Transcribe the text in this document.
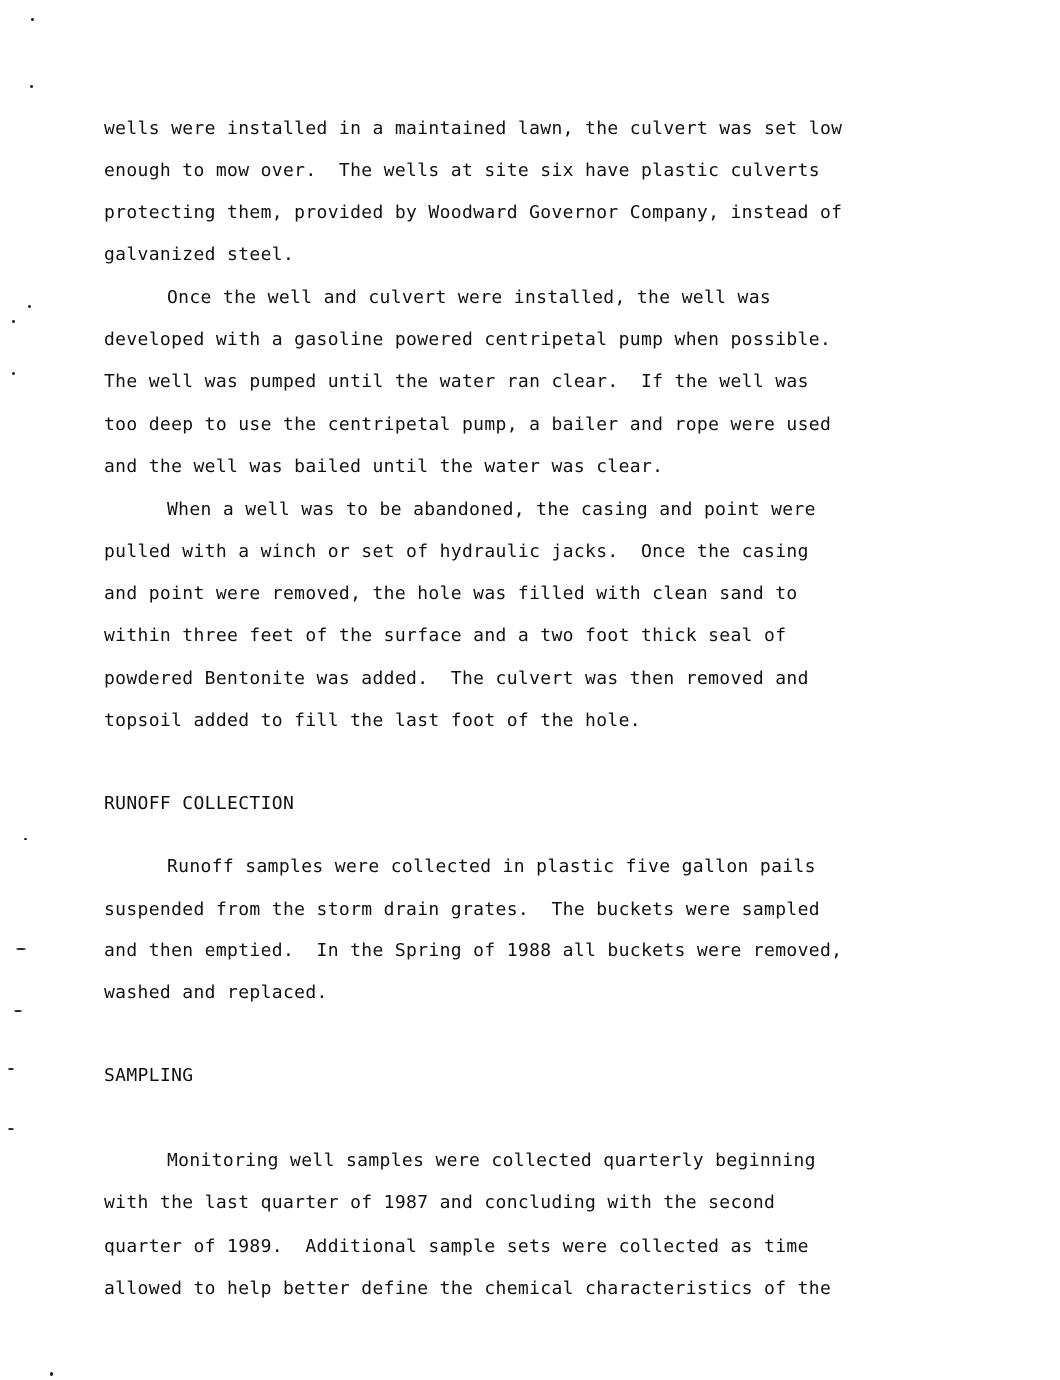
wells were installed in a maintained lawn, the culvert was set low
enough to mow over.  The wells at site six have plastic culverts
protecting them, provided by Woodward Governor Company, instead of
galvanized steel.
Once the well and culvert were installed, the well was
developed with a gasoline powered centripetal pump when possible.
The well was pumped until the water ran clear.  If the well was
too deep to use the centripetal pump, a bailer and rope were used
and the well was bailed until the water was clear.
When a well was to be abandoned, the casing and point were
pulled with a winch or set of hydraulic jacks.  Once the casing
and point were removed, the hole was filled with clean sand to
within three feet of the surface and a two foot thick seal of
powdered Bentonite was added.  The culvert was then removed and
topsoil added to fill the last foot of the hole.
RUNOFF COLLECTION
Runoff samples were collected in plastic five gallon pails
suspended from the storm drain grates.  The buckets were sampled
and then emptied.  In the Spring of 1988 all buckets were removed,
washed and replaced.
SAMPLING
Monitoring well samples were collected quarterly beginning
with the last quarter of 1987 and concluding with the second
quarter of 1989.  Additional sample sets were collected as time
allowed to help better define the chemical characteristics of the
